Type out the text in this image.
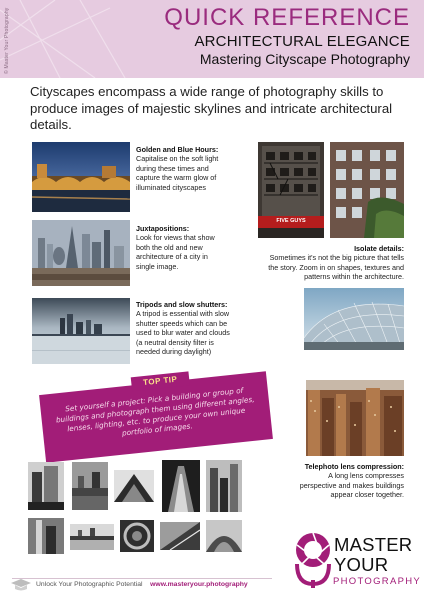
QUICK REFERENCE
ARCHITECTURAL ELEGANCE
Mastering Cityscape Photography
© Master Your Photography
Cityscapes encompass a wide range of photography skills to produce images of majestic skylines and intricate architectural details.
Golden and Blue Hours:
Capitalise on the soft light during these times and capture the warm glow of illuminated cityscapes
Juxtapositions:
Look for views that show both the old and new architecture of a city in single image.
Tripods and slow shutters:
A tripod is essential with slow shutter speeds which can be used to blur water and clouds (a neutral density filter is needed during daylight)
FIVE GUYS
Isolate details:
Sometimes it's not the big picture that tells the story. Zoom in on shapes, textures and patterns within the architecture.
Telephoto lens compression:
A long lens compresses perspective and makes buildings appear closer together.
TOP TIP
Set yourself a project: Pick a building or group of buildings and photograph them using different angles, lenses, lighting, etc. to produce your own unique portfolio of images.
Unlock Your Photographic Potential www.masteryour.photography
MASTER
YOUR
PHOTOGRAPHY
